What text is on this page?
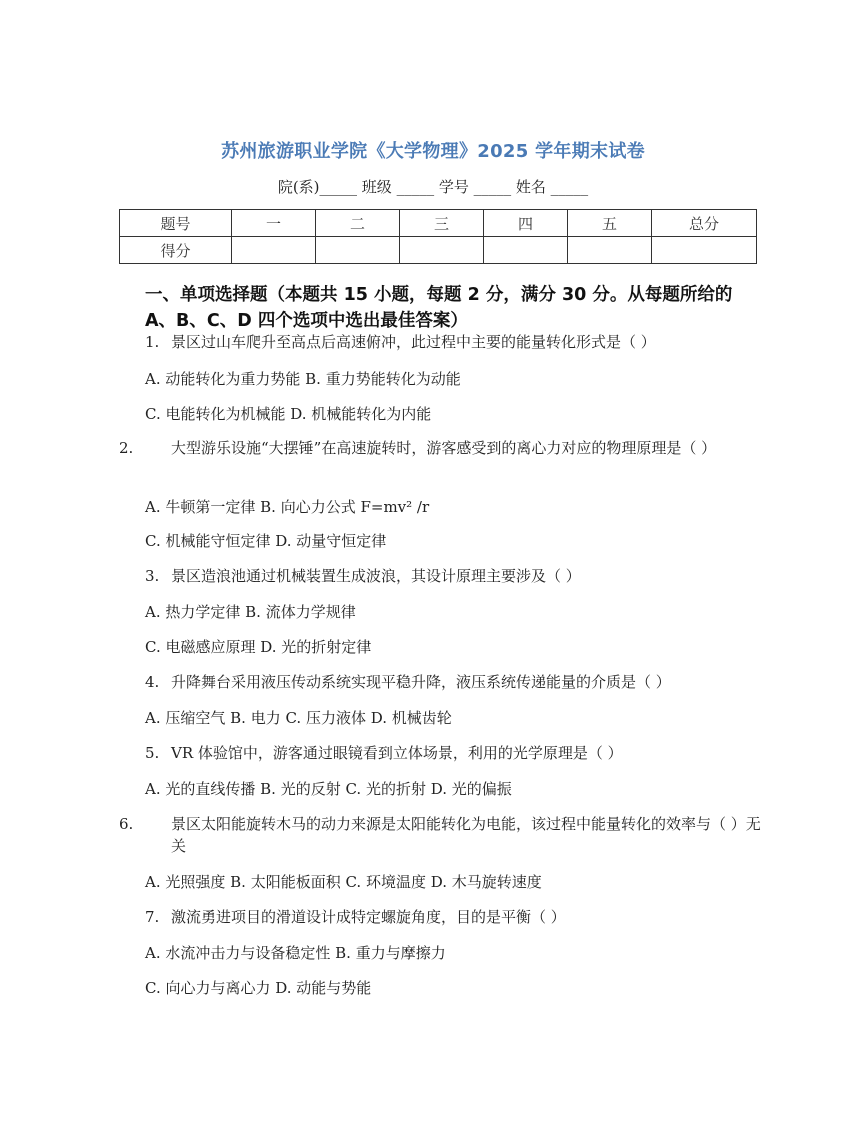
苏州旅游职业学院《大学物理》2025 学年期末试卷
院(系)_____ 班级 _____ 学号 _____ 姓名 _____
题号	一	二	三	四	五	总分
得分						
一、单项选择题（本题共 15 小题，每题 2 分，满分 30 分。从每题所给的 A、B、C、D 四个选项中选出最佳答案）
1. 景区过山车爬升至高点后高速俯冲，此过程中主要的能量转化形式是（ ）
A. 动能转化为重力势能 B. 重力势能转化为动能
C. 电能转化为机械能 D. 机械能转化为内能
2.	大型游乐设施“大摆锤”在高速旋转时，游客感受到的离心力对应的物理原理是（ ）
A. 牛顿第一定律 B. 向心力公式 F=mv² /r
C. 机械能守恒定律 D. 动量守恒定律
3. 景区造浪池通过机械装置生成波浪，其设计原理主要涉及（ ）
A. 热力学定律 B. 流体力学规律
C. 电磁感应原理 D. 光的折射定律
4. 升降舞台采用液压传动系统实现平稳升降，液压系统传递能量的介质是（ ）
A. 压缩空气 B. 电力 C. 压力液体 D. 机械齿轮
5. VR 体验馆中，游客通过眼镜看到立体场景，利用的光学原理是（ ）
A. 光的直线传播 B. 光的反射 C. 光的折射 D. 光的偏振
6.	景区太阳能旋转木马的动力来源是太阳能转化为电能，该过程中能量转化的效率与（ ）无关
A. 光照强度 B. 太阳能板面积 C. 环境温度 D. 木马旋转速度
7. 激流勇进项目的滑道设计成特定螺旋角度，目的是平衡（ ）
A. 水流冲击力与设备稳定性 B. 重力与摩擦力
C. 向心力与离心力 D. 动能与势能
